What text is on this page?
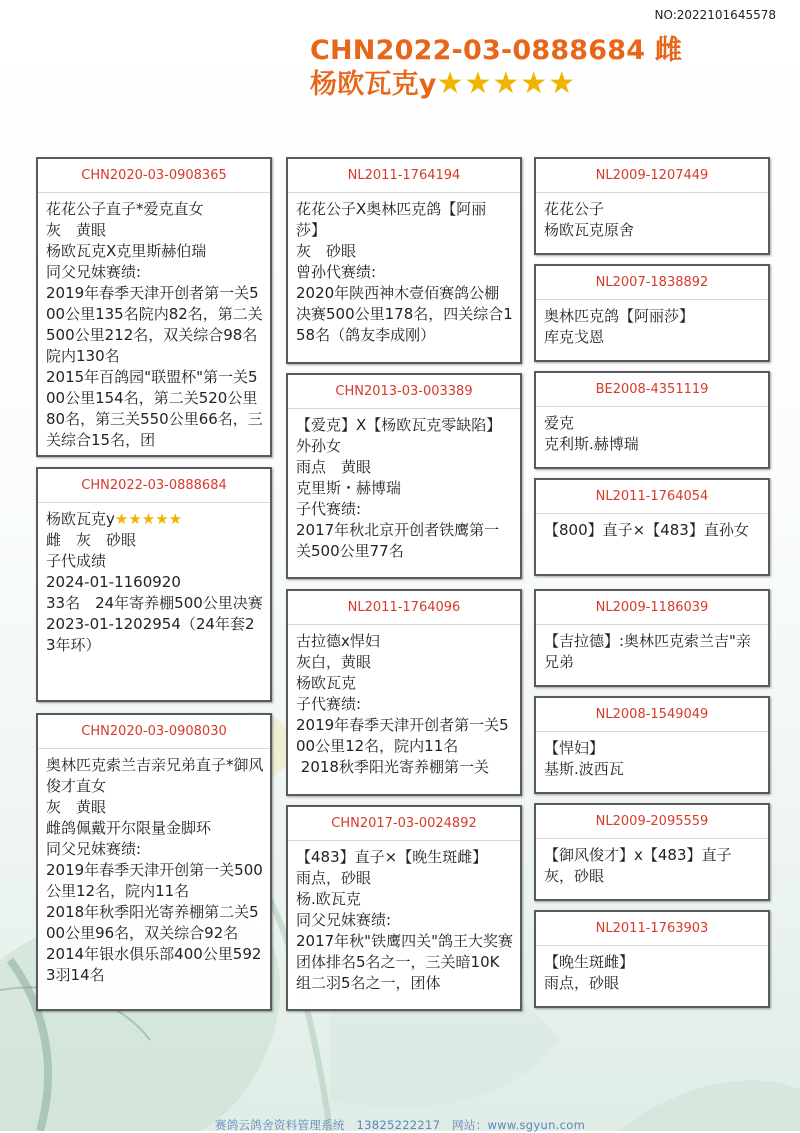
NO:2022101645578
CHN2022-03-0888684 雌
杨欧瓦克y★★★★★
CHN2020-03-0908365
花花公子直子*爱克直女
灰　黄眼
杨欧瓦克X克里斯赫伯瑞
同父兄妹赛绩:
2019年春季天津开创者第一关500公里135名院内82名，第二关500公里212名，双关综合98名院内130名
2015年百鸽园"联盟杯"第一关500公里154名，第二关520公里80名，第三关550公里66名，三关综合15名，团
CHN2022-03-0888684
杨欧瓦克y★★★★★
雌　灰　砂眼
子代成绩
2024-01-1160920
33名　24年寄养棚500公里决赛
2023-01-1202954（24年套23年环）
CHN2020-03-0908030
奥林匹克索兰吉亲兄弟直子*御风俊才直女
灰　黄眼
雌鸽佩戴开尔限量金脚环
同父兄妹赛绩:
2019年春季天津开创第一关500公里12名，院内11名
2018年秋季阳光寄养棚第二关500公里96名，双关综合92名
2014年银水俱乐部400公里5923羽14名
NL2011-1764194
花花公子X奥林匹克鸽【阿丽莎】
灰　砂眼
曾孙代赛绩:
2020年陕西神木壹佰赛鸽公棚决赛500公里178名，四关综合158名（鸽友李成刚）
CHN2013-03-003389
【爱克】X【杨欧瓦克零缺陷】外孙女
雨点　黄眼
克里斯・赫博瑞
子代赛绩:
2017年秋北京开创者铁鹰第一关500公里77名
NL2011-1764096
古拉德x悍妇
灰白，黄眼
杨欧瓦克
子代赛绩:
2019年春季天津开创者第一关500公里12名，院内11名
2018秋季阳光寄养棚第一关
CHN2017-03-0024892
【483】直子×【晚生斑雌】
雨点，砂眼
杨.欧瓦克
同父兄妹赛绩:
2017年秋"铁鹰四关"鸽王大奖赛团体排名5名之一，三关暗10K组二羽5名之一，团体
NL2009-1207449
花花公子
杨欧瓦克原舍
NL2007-1838892
奥林匹克鸽【阿丽莎】
库克戈恩
BE2008-4351119
爱克
克利斯.赫博瑞
NL2011-1764054
【800】直子×【483】直孙女
NL2009-1186039
【吉拉德】:奥林匹克索兰吉"亲兄弟
NL2008-1549049
【悍妇】
基斯.波西瓦
NL2009-2095559
【御风俊才】x【483】直子
灰，砂眼
NL2011-1763903
【晚生斑雌】
雨点，砂眼
赛鸽云鸽舍资料管理系统　13825222217　网站：www.sgyun.com
